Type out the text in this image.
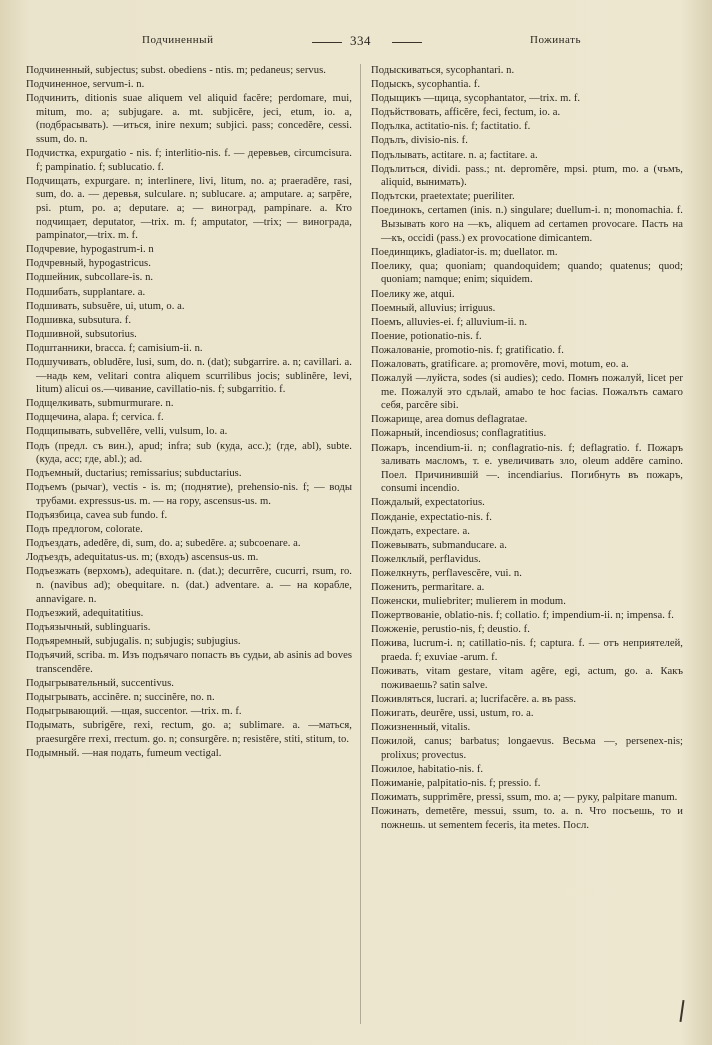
Подчиненный	334	Пожинать

Подчиненный, subjectus; subst. obediens - ntis. m; pedaneus; servus.

Подчиненное, servum-i. n.

Подчинить, ditionis suae aliquem vel aliquid facĕre; perdomare, mui, mitum, mo. a; subjugare. a. mt. subjicĕre, jeci, etum, io. a, (подбрасывать). —иться, inire nexum; subjici. pass; concedĕre, cessi. ssum, do. n.

Подчистка, expurgatio - nis. f; interlitio-nis. f. — деревьев, circumcisura. f; pampinatio. f; sublucatio. f.

Подчищать, expurgare. n; interlinere, livi, litum, no. a; praeradĕre, rasi, sum, do. a. — деревья, sulculare. n; sublucare. a; amputare. a; sarpĕre, psi. ptum, po. a; deputare. a; — виноград, pampinare. a. Кто подчищает, deputator, —trix. m. f; amputator, —trix; — винограда, pampinator,—trix. m. f.

Подчревие, hypogastrum-i. n

Подчревный, hypogastricus.

Подшейник, subcollare-is. n.

Подшибать, supplantare. a.

Подшивать, subsuĕre, ui, utum, o. a.

Подшивка, subsutura. f.

Подшивной, subsutorius.

Подштанники, bracca. f; camisium-ii. n.

Подшучивать, obludĕre, lusi, sum, do. n. (dat); subgarrire. a. n; cavillari. a. —надь кем, velitari contra aliquem scurrilibus jocis; sublinĕre, levi, litum) alicui os.—чивание, cavillatio-nis. f; subgarritio. f.

Подщелкивать, submurmurare. n.

Подщечина, alapa. f; cervica. f.

Подщипывать, subvellĕre, velli, vulsum, lo. a.

Подъ (предл. съ вин.), apud; infra; sub (куда, acc.); (где, abl), subte. (куда, acc; где, abl.); ad.

Подъемный, ductarius; remissarius; subductarius.

Подъемъ (рычаг), vectis - is. m; (поднятие), prehensio-nis. f; — воды трубами. expressus-us. m. — на гору, ascensus-us. m.

Подъязбица, cavea sub fundo. f.

Подъ предлогом, colorate.

Подъездать, adedĕre, di, sum, do. a; subedĕre. a; subcoenare. a.

Лодъездъ, adequitatus-us. m; (входъ) ascensus-us. m.

Подъезжать (верхомъ), adequitare. n. (dat.); decurrĕre, cucurri, rsum, ro. n. (navibus ad); obequitare. n. (dat.) adventare. a. — на корабле, annavigare. n.

Подъезжий, adequitatitius.

Подъязычный, sublinguaris.

Подъяремный, subjugalis. n; subjugis; subjugius.

Подъячий, scriba. m. Изъ подъячаго попасть въ судьи, ab asinis ad boves transcendĕre.

Подыгрывательный, succentivus.

Подыгрывать, accinĕre. n; succinĕre, no. n.

Подыгрывающий. —щая, succentor. —trix. m. f.

Подымать, subrigĕre, rexi, rectum, go. a; sublimare. a. —маться, praesurgĕre rrexi, rrectum. go. n; consurgĕre. n; resistĕre, stiti, stitum, to.

Подымный. —ная подать, fumeum vectigal.

Подыскиваться, sycophantari. n.

Подыскъ, sycophantia. f.

Подыщикъ —щица, sycophantator, —trix. m. f.

Подъйствовать, afficĕre, feci, fectum, io. a.

Подълка, actitatio-nis. f; factitatio. f.

Подълъ, divisio-nis. f.

Подълывать, actitare. n. a; factitare. a.

Подълиться, dividi. pass.; nt. depromĕre, mpsi. ptum, mo. a (чъмъ, aliquid, вынимать).

Подътски, praetextate; pueriliter.

Поединокъ, certamen (inis. n.) singulare; duellum-i. n; monomachia. f. Вызывать кого на —къ, aliquem ad certamen provocare. Пасть на —къ, occidi (pass.) ex provocatione dimicantem.

Поединщикъ, gladiator-is. m; duellator. m.

Поелику, qua; quoniam; quandoquidem; quando; quatenus; quod; quoniam; namque; enim; siquidem.

Поелику же, atqui.

Поемный, alluvius; irriguus.

Поемъ, alluvies-ei. f; alluvium-ii. n.

Поение, potionatio-nis. f.

Пожалованіе, promotio-nis. f; gratificatio. f.

Пожаловать, gratificare. a; promovĕre, movi, motum, ео. а.

Пожалуй —луйста, sodes (si audies); cedo. Помнъ пожалуй, licet per me. Пожалуй это сдълай, amabo te hoc facias. Пожалъть самаго себя, parcĕre sibi.

Пожарище, area domus deflagratae.

Пожарный, incendiosus; conflagratitius.

Пожаръ, incendium-ii. n; conflagratio-nis. f; deflagratio. f. Пожаръ заливать масломъ, т. е. увеличивать зло, oleum addĕre camino. Поел. Причинившій —. incendiarius. Погибнуть въ пожаръ, consumi incendio.

Пождалый, expectatorius.

Пожданіе, expectatio-nis. f.

Пождать, expectare. a.

Пожевывать, submanducare. a.

Пожелклый, perflavidus.

Пожелкнуть, perflavescĕre, vui. n.

Поженить, permaritare. a.

Поженски, muliebriter; mulierem in modum.

Пожертвованіе, oblatio-nis. f; collatio. f; impendium-ii. n; impensa. f.

Пожженіе, perustio-nis, f; deustio. f.

Пожива, lucrum-i. n; catillatio-nis. f; captura. f. — отъ неприятелей, praeda. f; exuviae -arum. f.

Поживать, vitam gestare, vitam agĕre, egi, actum, go. a. Какъ поживаешь? satin salve.

Поживляться, lucrari. a; lucrifacĕre. a. въ pass.

Пожигать, deurĕre, ussi, ustum, ro. a.

Пожизненный, vitalis.

Пожилой, canus; barbatus; longaevus. Весьма —, persenex-nis; prolixus; provectus.

Пожилое, habitatio-nis. f.

Пожиманіе, palpitatio-nis. f; pressio. f.

Пожимать, supprimĕre, pressi, ssum, mo. a; — руку, palpitare manum.

Пожинать, demetĕre, messui, ssum, to. a. n. Что посъешь, то и пожнешь. ut sementem feceris, ita metes. Посл.
